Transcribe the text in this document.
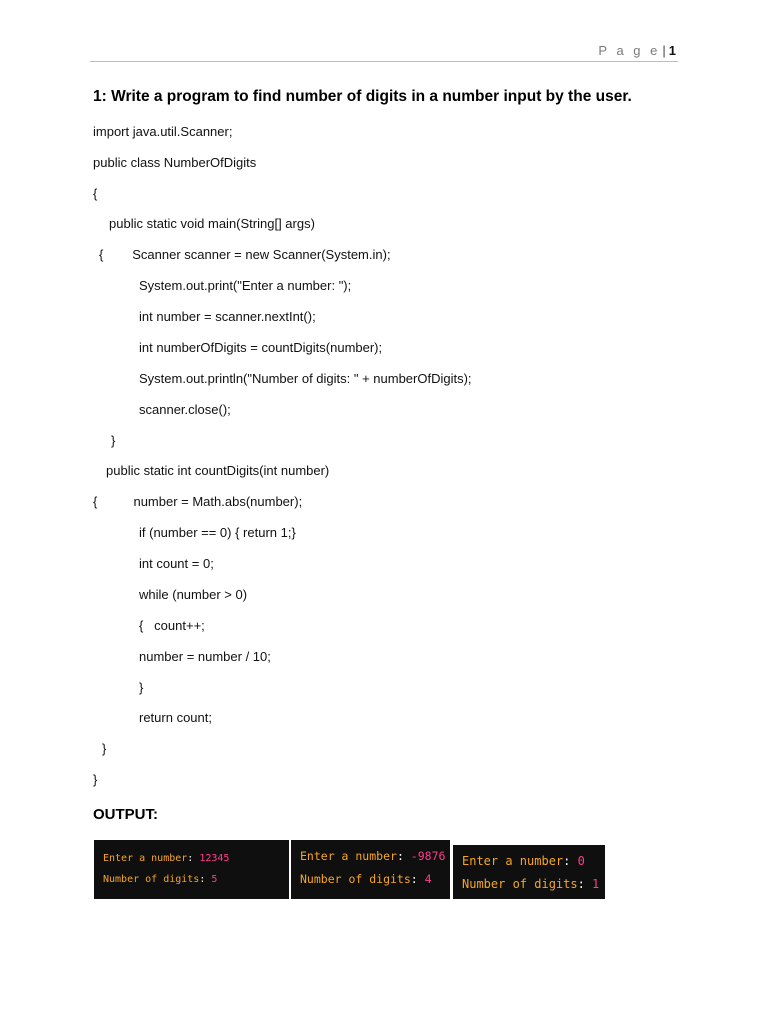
P a g e | 1
1: Write a program to find number of digits in a number input by the user.
import java.util.Scanner;
public class NumberOfDigits
{
public static void main(String[] args)
{        Scanner scanner = new Scanner(System.in);
System.out.print("Enter a number: ");
int number = scanner.nextInt();
int numberOfDigits = countDigits(number);
System.out.println("Number of digits: " + numberOfDigits);
scanner.close();
}
public static int countDigits(int number)
{          number = Math.abs(number);
if (number == 0) { return 1;}
int count = 0;
while (number > 0)
{   count++;
number = number / 10;
}
return count;
}
}
OUTPUT:
Enter a number: 12345
Number of digits: 5
Enter a number: -9876
Number of digits: 4
Enter a number: 0
Number of digits: 1
